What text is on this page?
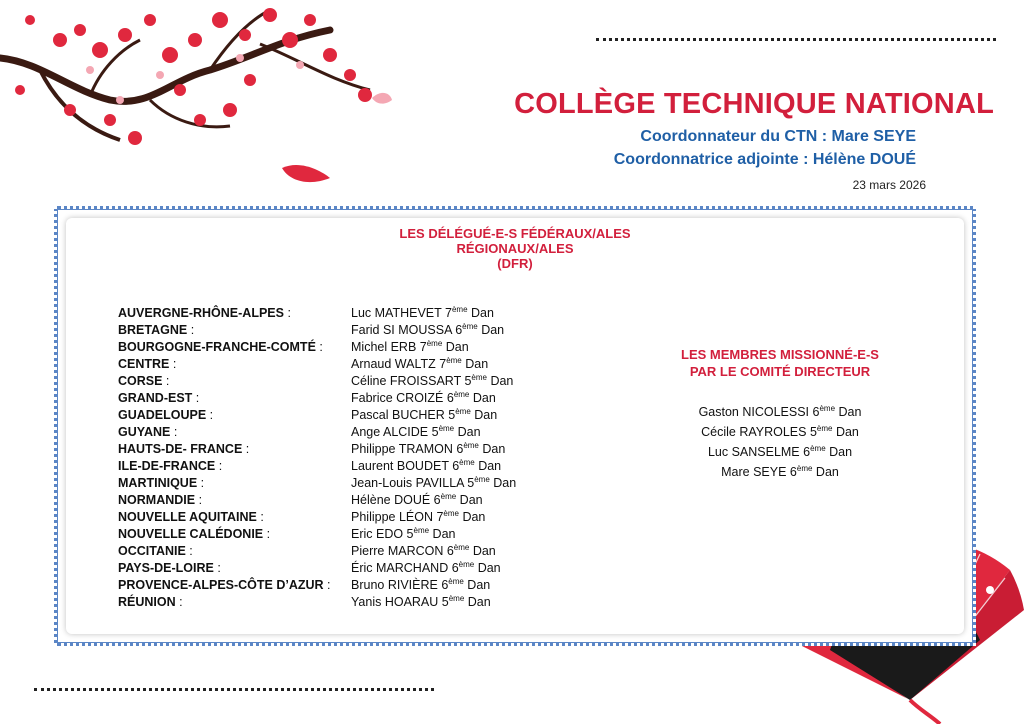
COLLÈGE TECHNIQUE NATIONAL
Coordonnateur du CTN : Mare SEYE
Coordonnatrice adjointe : Hélène DOUÉ
23 mars 2026
LES DÉLÉGUÉ-E-S FÉDÉRAUX/ALES
RÉGIONAUX/ALES
(DFR)
AUVERGNE-RHÔNE-ALPES :	Luc MATHEVET 7ème Dan
BRETAGNE :	Farid SI MOUSSA 6ème Dan
BOURGOGNE-FRANCHE-COMTÉ : Michel ERB 7ème Dan
CENTRE :	Arnaud WALTZ 7ème Dan
CORSE :	Céline FROISSART 5ème Dan
GRAND-EST :	Fabrice CROIZÉ 6ème Dan
GUADELOUPE :	Pascal BUCHER 5ème Dan
GUYANE :	Ange ALCIDE 5ème Dan
HAUTS-DE- FRANCE :	Philippe TRAMON 6ème Dan
ILE-DE-FRANCE :	Laurent BOUDET 6ème Dan
MARTINIQUE :	Jean-Louis PAVILLA 5ème Dan
NORMANDIE :	Hélène DOUÉ 6ème Dan
NOUVELLE AQUITAINE :	Philippe LÉON 7ème Dan
NOUVELLE CALÉDONIE :	Eric EDO 5ème Dan
OCCITANIE :	Pierre MARCON 6ème Dan
PAYS-DE-LOIRE :	Éric MARCHAND 6ème Dan
PROVENCE-ALPES-CÔTE D’AZUR : Bruno RIVIÈRE 6ème Dan
RÉUNION :	Yanis HOARAU 5ème Dan
LES MEMBRES MISSIONNÉ-E-S
PAR LE COMITÉ DIRECTEUR
Gaston NICOLESSI 6ème Dan
Cécile RAYROLES 5ème Dan
Luc SANSELME 6ème Dan
Mare SEYE 6ème Dan
